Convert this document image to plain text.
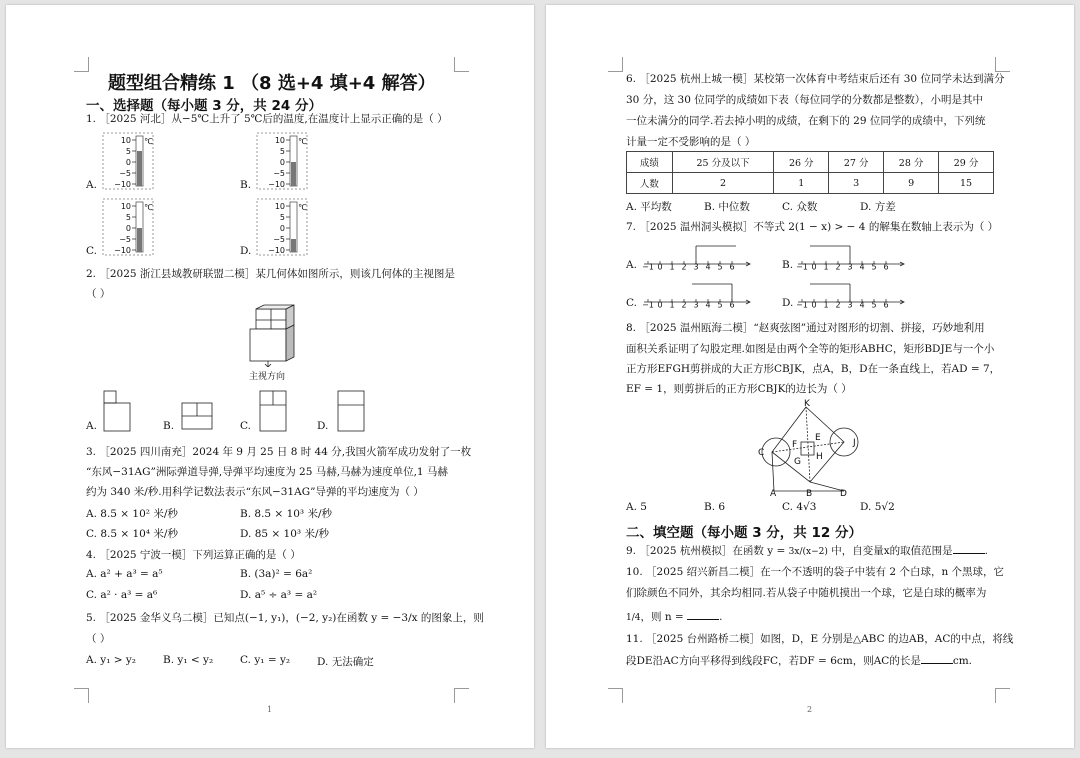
题型组合精练 1 （8 选+4 填+4 解答）
一、选择题（每小题 3 分，共 24 分）
1. ［2025 河北］从−5℃上升了 5℃后的温度,在温度计上显示正确的是（ ）
A.	B.
C.	D.
10
5
0
−5
−10
℃	10
5
0
−5
−10
℃
10
5
0
−5
−10
℃	10
5
0
−5
−10
℃
2. ［2025 浙江县域教研联盟二模］某几何体如图所示，则该几何体的主视图是
（ ）
主视方向
A.	B.	C.	D.
3. ［2025 四川南充］2024 年 9 月 25 日 8 时 44 分,我国火箭军成功发射了一枚
“东风−31AG”洲际弹道导弹,导弹平均速度为 25 马赫,马赫为速度单位,1 马赫
约为 340 米/秒.用科学记数法表示“东风−31AG”导弹的平均速度为（ ）
A. 8.5 × 10² 米/秒	B. 8.5 × 10³ 米/秒
C. 8.5 × 10⁴ 米/秒	D. 85 × 10³ 米/秒
4. ［2025 宁波一模］下列运算正确的是（ ）
A. a² + a³ = a⁵	B. (3a)² = 6a²
C. a² · a³ = a⁶	D. a⁵ ÷ a³ = a²
5. ［2025 金华义乌二模］已知点(−1, y₁)，(−2, y₂)在函数 y = −3/x 的图象上，则
（ ）
A. y₁ > y₂	B. y₁ < y₂	C. y₁ = y₂	D. 无法确定
1
6. ［2025 杭州上城一模］某校第一次体育中考结束后还有 30 位同学未达到满分
30 分，这 30 位同学的成绩如下表（每位同学的分数都是整数），小明是其中
一位未满分的同学.若去掉小明的成绩，在剩下的 29 位同学的成绩中，下列统
计量一定不受影响的是（ ）
成绩	25 分及以下	26 分	27 分	28 分	29 分
人数	2	1	3	9	15
A. 平均数	B. 中位数	C. 众数	D. 方差
7. ［2025 温州洞头模拟］不等式 2(1 − x) > − 4 的解集在数轴上表示为（ ）
A.	B.
C.	D.
−1 0 1 2 3 4 5 6	−1 0 1 2 3 4 5 6
−1 0 1 2 3 4 5 6	−1 0 1 2 3 4 5 6
8. ［2025 温州瓯海二模］“赵爽弦图”通过对图形的切割、拼接，巧妙地利用
面积关系证明了勾股定理.如图是由两个全等的矩形ABHC，矩形BDJE与一个小
正方形EFGH剪拼成的大正方形CBJK，点A，B，D在一条直线上，若AD = 7，
EF = 1，则剪拼后的正方形CBJK的边长为（ ）
K
C
J
F
E
G H
A	B	D
A. 5	B. 6	C. 4√3	D. 5√2
二、填空题（每小题 3 分，共 12 分）
9. ［2025 杭州模拟］在函数 y = 3x/(x−2) 中，自变量x的取值范围是	.
10. ［2025 绍兴新昌二模］在一个不透明的袋子中装有 2 个白球，n 个黑球，它
们除颜色不同外，其余均相同.若从袋子中随机摸出一个球，它是白球的概率为
1/4，则 n =	.
11. ［2025 台州路桥二模］如图，D，E 分别是△ABC 的边AB，AC的中点，将线
段DE沿AC方向平移得到线段FC，若DF = 6cm，则AC的长是	cm.
2
